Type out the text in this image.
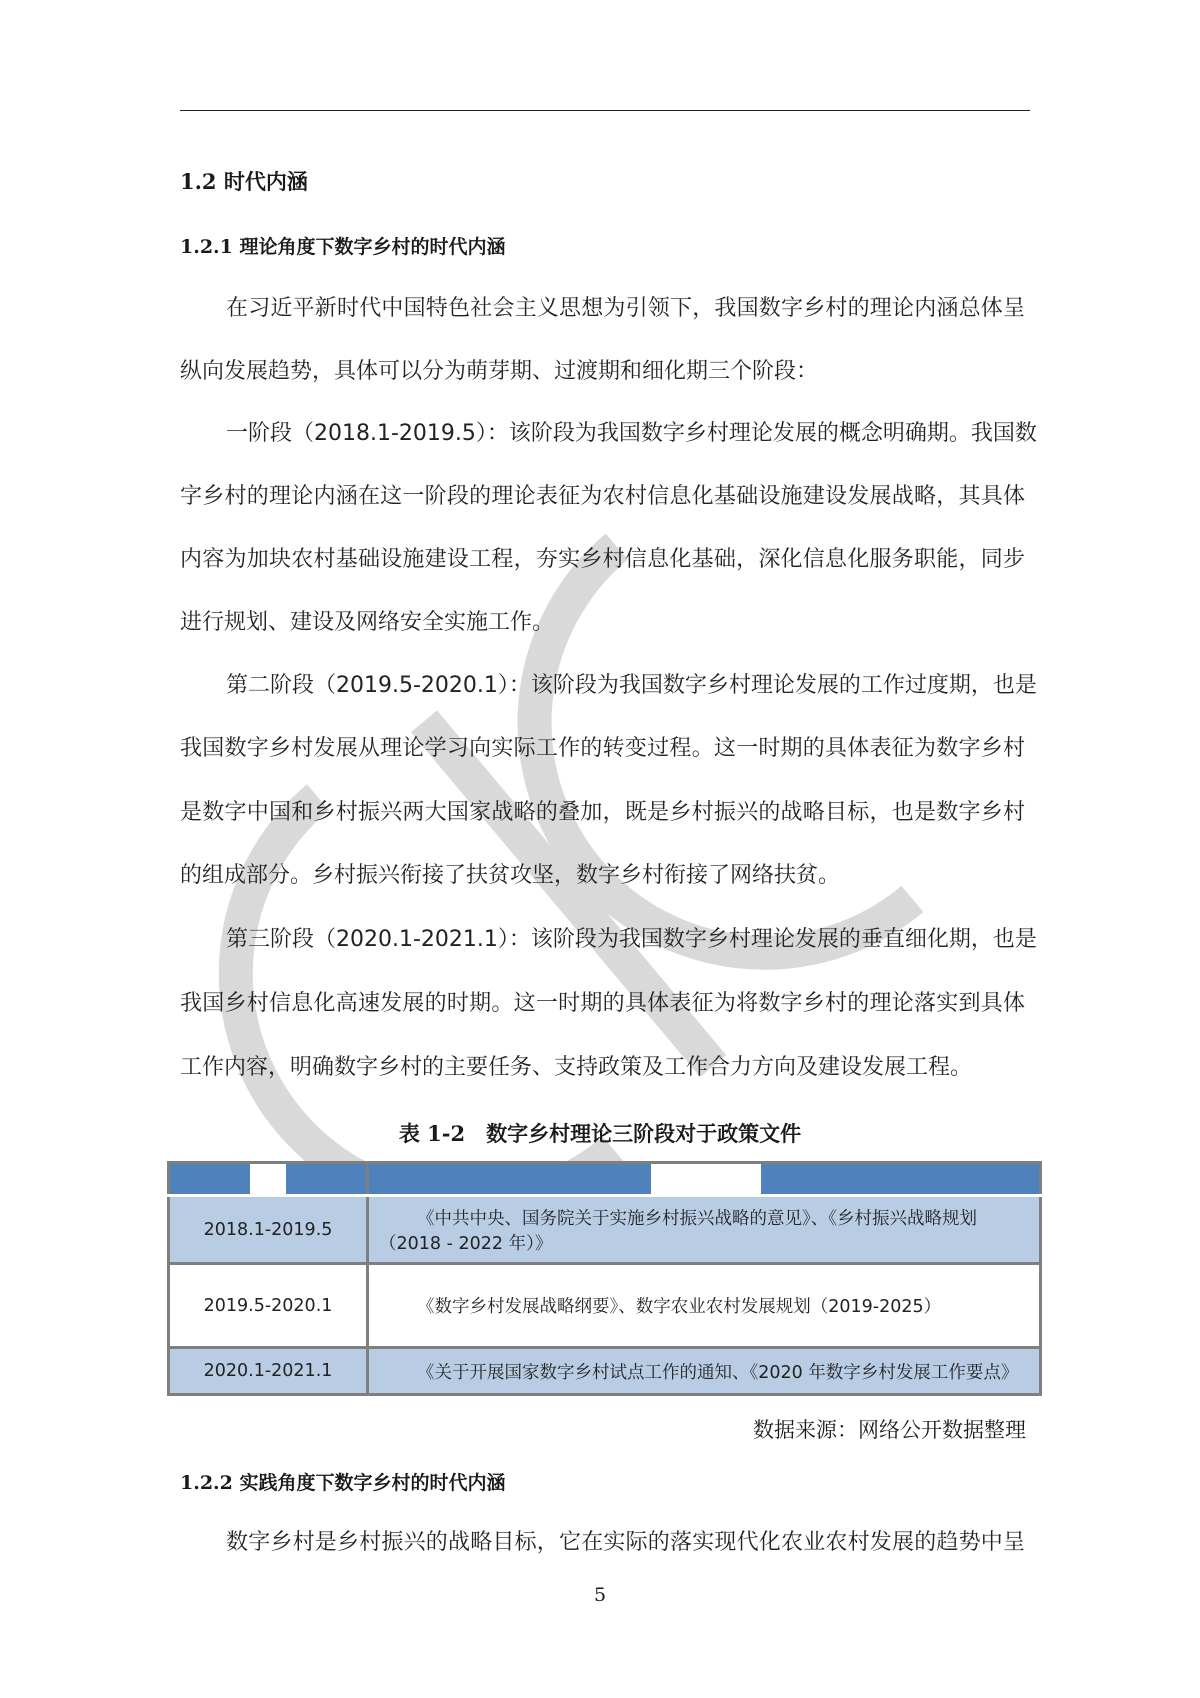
1.2 时代内涵
1.2.1 理论角度下数字乡村的时代内涵
在习近平新时代中国特色社会主义思想为引领下，我国数字乡村的理论内涵总体呈
纵向发展趋势，具体可以分为萌芽期、过渡期和细化期三个阶段：
一阶段（2018.1-2019.5）：该阶段为我国数字乡村理论发展的概念明确期。我国数
字乡村的理论内涵在这一阶段的理论表征为农村信息化基础设施建设发展战略，其具体
内容为加块农村基础设施建设工程，夯实乡村信息化基础，深化信息化服务职能，同步
进行规划、建设及网络安全实施工作。
第二阶段（2019.5-2020.1）：该阶段为我国数字乡村理论发展的工作过度期，也是
我国数字乡村发展从理论学习向实际工作的转变过程。这一时期的具体表征为数字乡村
是数字中国和乡村振兴两大国家战略的叠加，既是乡村振兴的战略目标，也是数字乡村
的组成部分。乡村振兴衔接了扶贫攻坚，数字乡村衔接了网络扶贫。
第三阶段（2020.1-2021.1）：该阶段为我国数字乡村理论发展的垂直细化期，也是
我国乡村信息化高速发展的时期。这一时期的具体表征为将数字乡村的理论落实到具体
工作内容，明确数字乡村的主要任务、支持政策及工作合力方向及建设发展工程。
表 1-2　数字乡村理论三阶段对于政策文件

2018.1-2019.5	《中共中央、国务院关于实施乡村振兴战略的意见》、《乡村振兴战略规划
（2018 - 2022 年）》

2019.5-2020.1	《数字乡村发展战略纲要》、数字农业农村发展规划（2019-2025）
2020.1-2021.1	《关于开展国家数字乡村试点工作的通知、《2020 年数字乡村发展工作要点》
数据来源：网络公开数据整理
1.2.2 实践角度下数字乡村的时代内涵
数字乡村是乡村振兴的战略目标，它在实际的落实现代化农业农村发展的趋势中呈
5
